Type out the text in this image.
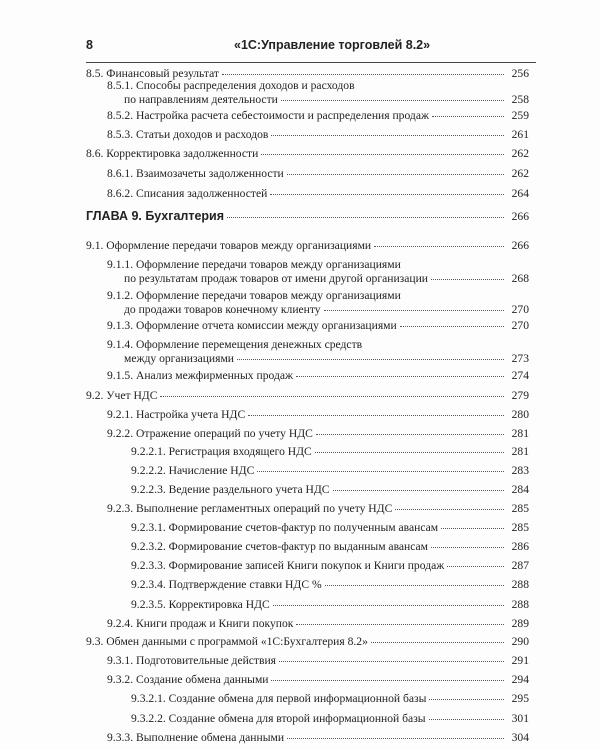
8	«1С:Управление торговлей 8.2»
8.5. Финансовый результат	256
8.5.1. Способы распределения доходов и расходов
по направлениям деятельности	258
8.5.2. Настройка расчета себестоимости и распределения продаж	259
8.5.3. Статьи доходов и расходов	261
8.6. Корректировка задолженности	262
8.6.1. Взаимозачеты задолженности	262
8.6.2. Списания задолженностей	264
ГЛАВА 9. Бухгалтерия	266
9.1. Оформление передачи товаров между организациями	266
9.1.1. Оформление передачи товаров между организациями
по результатам продаж товаров от имени другой организации	268
9.1.2. Оформление передачи товаров между организациями
до продажи товаров конечному клиенту	270
9.1.3. Оформление отчета комиссии между организациями	270
9.1.4. Оформление перемещения денежных средств
между организациями	273
9.1.5. Анализ межфирменных продаж	274
9.2. Учет НДС	279
9.2.1. Настройка учета НДС	280
9.2.2. Отражение операций по учету НДС	281
9.2.2.1. Регистрация входящего НДС	281
9.2.2.2. Начисление НДС	283
9.2.2.3. Ведение раздельного учета НДС	284
9.2.3. Выполнение регламентных операций по учету НДС	285
9.2.3.1. Формирование счетов-фактур по полученным авансам	285
9.2.3.2. Формирование счетов-фактур по выданным авансам	286
9.2.3.3. Формирование записей Книги покупок и Книги продаж	287
9.2.3.4. Подтверждение ставки НДС %	288
9.2.3.5. Корректировка НДС	288
9.2.4. Книги продаж и Книги покупок	289
9.3. Обмен данными с программой «1С:Бухгалтерия 8.2»	290
9.3.1. Подготовительные действия	291
9.3.2. Создание обмена данными	294
9.3.2.1. Создание обмена для первой информационной базы	295
9.3.2.2. Создание обмена для второй информационной базы	301
9.3.3. Выполнение обмена данными	304
